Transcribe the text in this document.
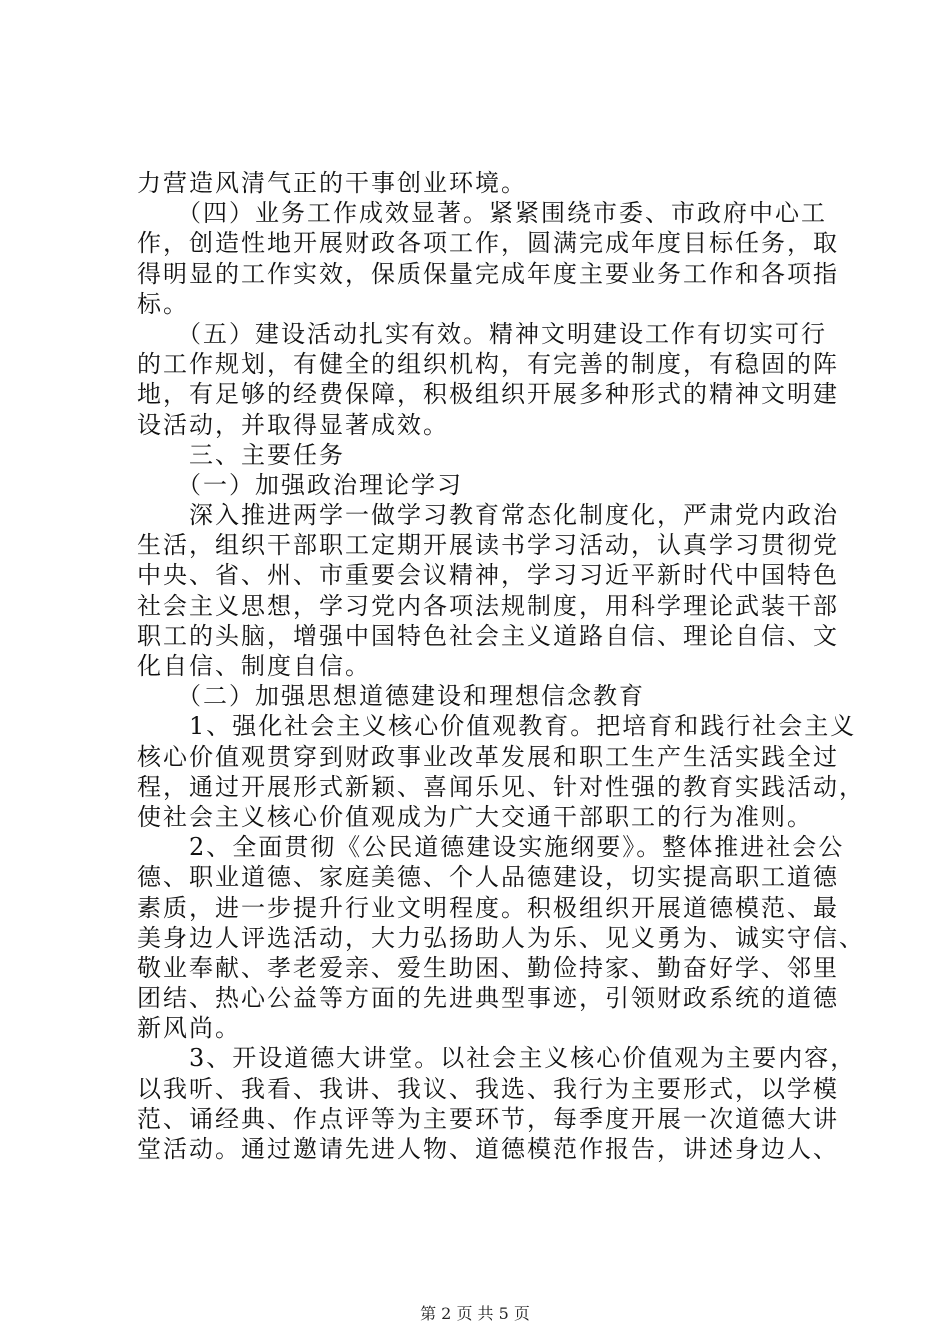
力营造风清气正的干事创业环境。
　　（四）业务工作成效显著。紧紧围绕市委、市政府中心工
作，创造性地开展财政各项工作，圆满完成年度目标任务，取
得明显的工作实效，保质保量完成年度主要业务工作和各项指
标。
　　（五）建设活动扎实有效。精神文明建设工作有切实可行
的工作规划，有健全的组织机构，有完善的制度，有稳固的阵
地，有足够的经费保障，积极组织开展多种形式的精神文明建
设活动，并取得显著成效。
　　三、主要任务
　　（一）加强政治理论学习
　　深入推进两学一做学习教育常态化制度化，严肃党内政治
生活，组织干部职工定期开展读书学习活动，认真学习贯彻党
中央、省、州、市重要会议精神，学习习近平新时代中国特色
社会主义思想，学习党内各项法规制度，用科学理论武装干部
职工的头脑，增强中国特色社会主义道路自信、理论自信、文
化自信、制度自信。
　　（二）加强思想道德建设和理想信念教育
　　1、强化社会主义核心价值观教育。把培育和践行社会主义
核心价值观贯穿到财政事业改革发展和职工生产生活实践全过
程，通过开展形式新颖、喜闻乐见、针对性强的教育实践活动，
使社会主义核心价值观成为广大交通干部职工的行为准则。
　　2、全面贯彻《公民道德建设实施纲要》。整体推进社会公
德、职业道德、家庭美德、个人品德建设，切实提高职工道德
素质，进一步提升行业文明程度。积极组织开展道德模范、最
美身边人评选活动，大力弘扬助人为乐、见义勇为、诚实守信、
敬业奉献、孝老爱亲、爱生助困、勤俭持家、勤奋好学、邻里
团结、热心公益等方面的先进典型事迹，引领财政系统的道德
新风尚。
　　3、开设道德大讲堂。以社会主义核心价值观为主要内容，
以我听、我看、我讲、我议、我选、我行为主要形式，以学模
范、诵经典、作点评等为主要环节，每季度开展一次道德大讲
堂活动。通过邀请先进人物、道德模范作报告，讲述身边人、
第 2 页 共 5 页
